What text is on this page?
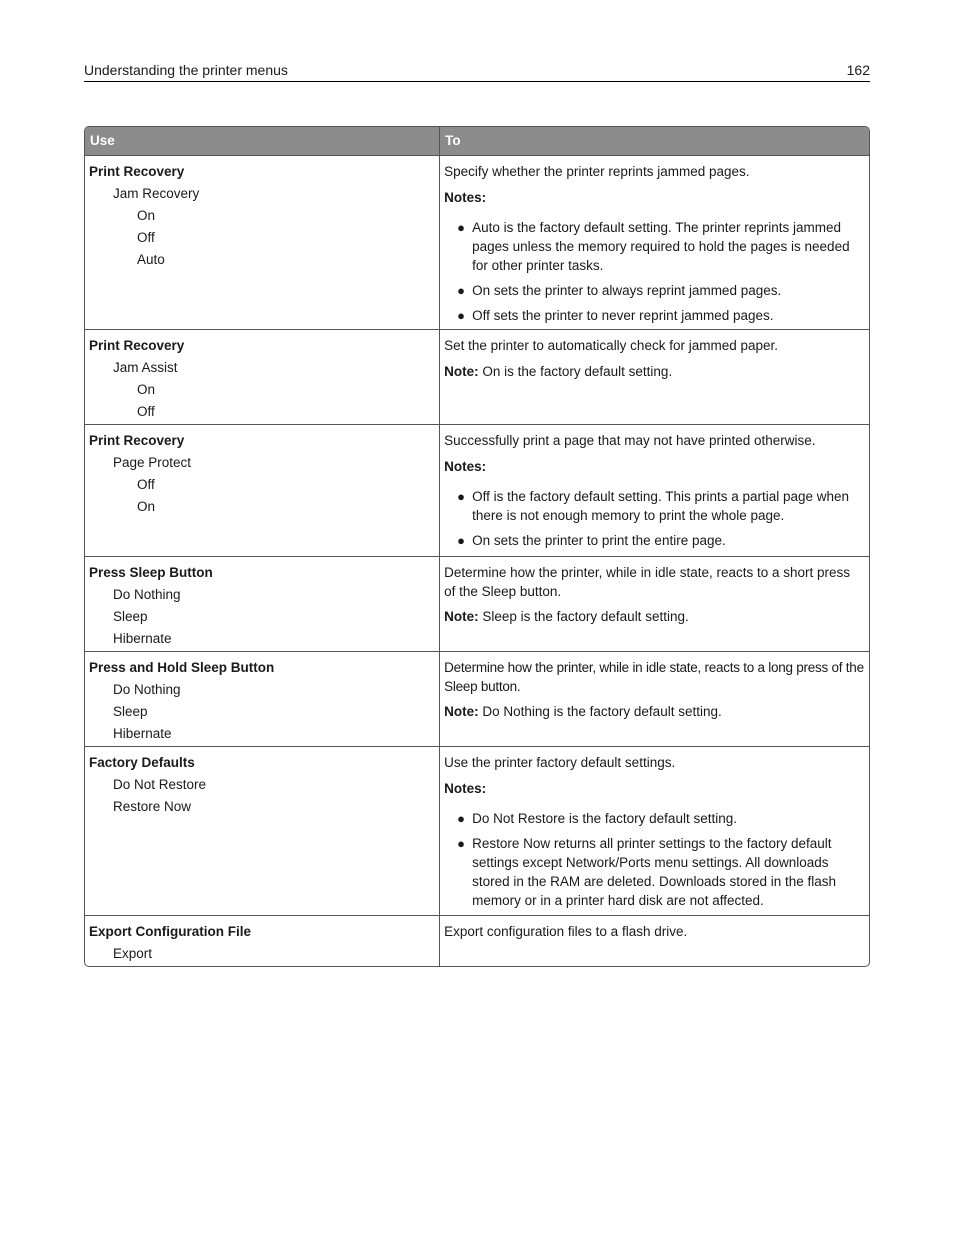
Understanding the printer menus	162
Use	To
Print Recovery
Jam Recovery
On
Off
Auto
Specify whether the printer reprints jammed pages.
Notes:
● Auto is the factory default setting. The printer reprints jammed pages unless the memory required to hold the pages is needed for other printer tasks.
● On sets the printer to always reprint jammed pages.
● Off sets the printer to never reprint jammed pages.
Print Recovery
Jam Assist
On
Off
Set the printer to automatically check for jammed paper.
Note: On is the factory default setting.
Print Recovery
Page Protect
Off
On
Successfully print a page that may not have printed otherwise.
Notes:
● Off is the factory default setting. This prints a partial page when there is not enough memory to print the whole page.
● On sets the printer to print the entire page.
Press Sleep Button
Do Nothing
Sleep
Hibernate
Determine how the printer, while in idle state, reacts to a short press of the Sleep button.
Note: Sleep is the factory default setting.
Press and Hold Sleep Button
Do Nothing
Sleep
Hibernate
Determine how the printer, while in idle state, reacts to a long press of the Sleep button.
Note: Do Nothing is the factory default setting.
Factory Defaults
Do Not Restore
Restore Now
Use the printer factory default settings.
Notes:
● Do Not Restore is the factory default setting.
● Restore Now returns all printer settings to the factory default settings except Network/Ports menu settings. All downloads stored in the RAM are deleted. Downloads stored in the flash memory or in a printer hard disk are not affected.
Export Configuration File
Export
Export configuration files to a flash drive.
